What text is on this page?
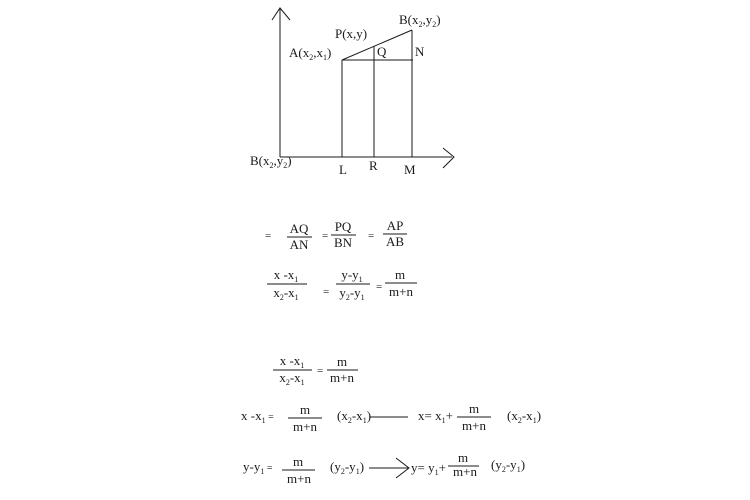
P(x,y)
$B(x_2,y_2)$
$A(x_2,x_1)$	Q N
$B(x_2,y_2)$
L R M
= AQ
AN
=
PQ
BN =
AP
AB
x $-x_1$
$x_2-x_1$ =
$y-y_1$
$y_2-y_1$
=
m
m+n
x $-x_1$
$x_2-x_1$
=
m
m+n
x $-x_1$ =
m
m+n
$(x_2-x_1)$	$x= x_1+ m$
m+n
$(x_2-x_1)$
$y-y_1$ = m
m+n
$(y_2-y_1)$	$y= y_1+$
m
m+n $(y_2-y_1)$
